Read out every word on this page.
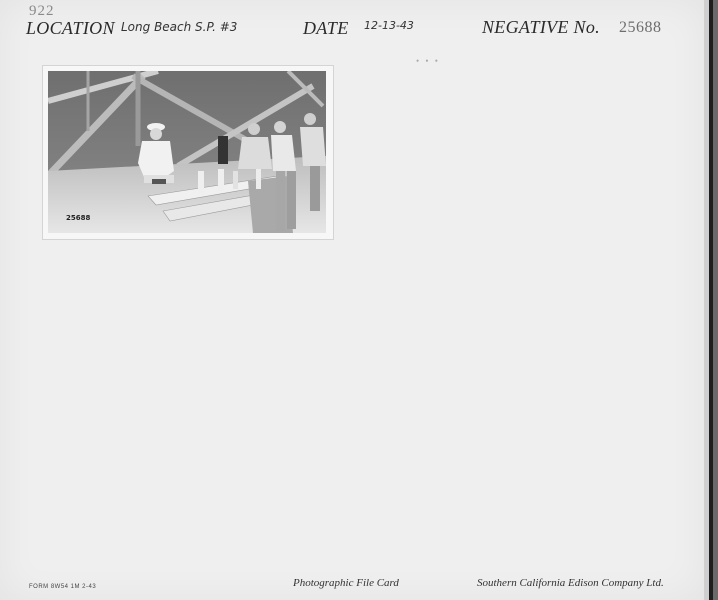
922
LOCATION Long Beach S.P. #3	DATE 12-13-43	NEGATIVE No. 25688
• • •
25688
FORM 8W54 1M 2-43	Photographic File Card	Southern California Edison Company Ltd.
